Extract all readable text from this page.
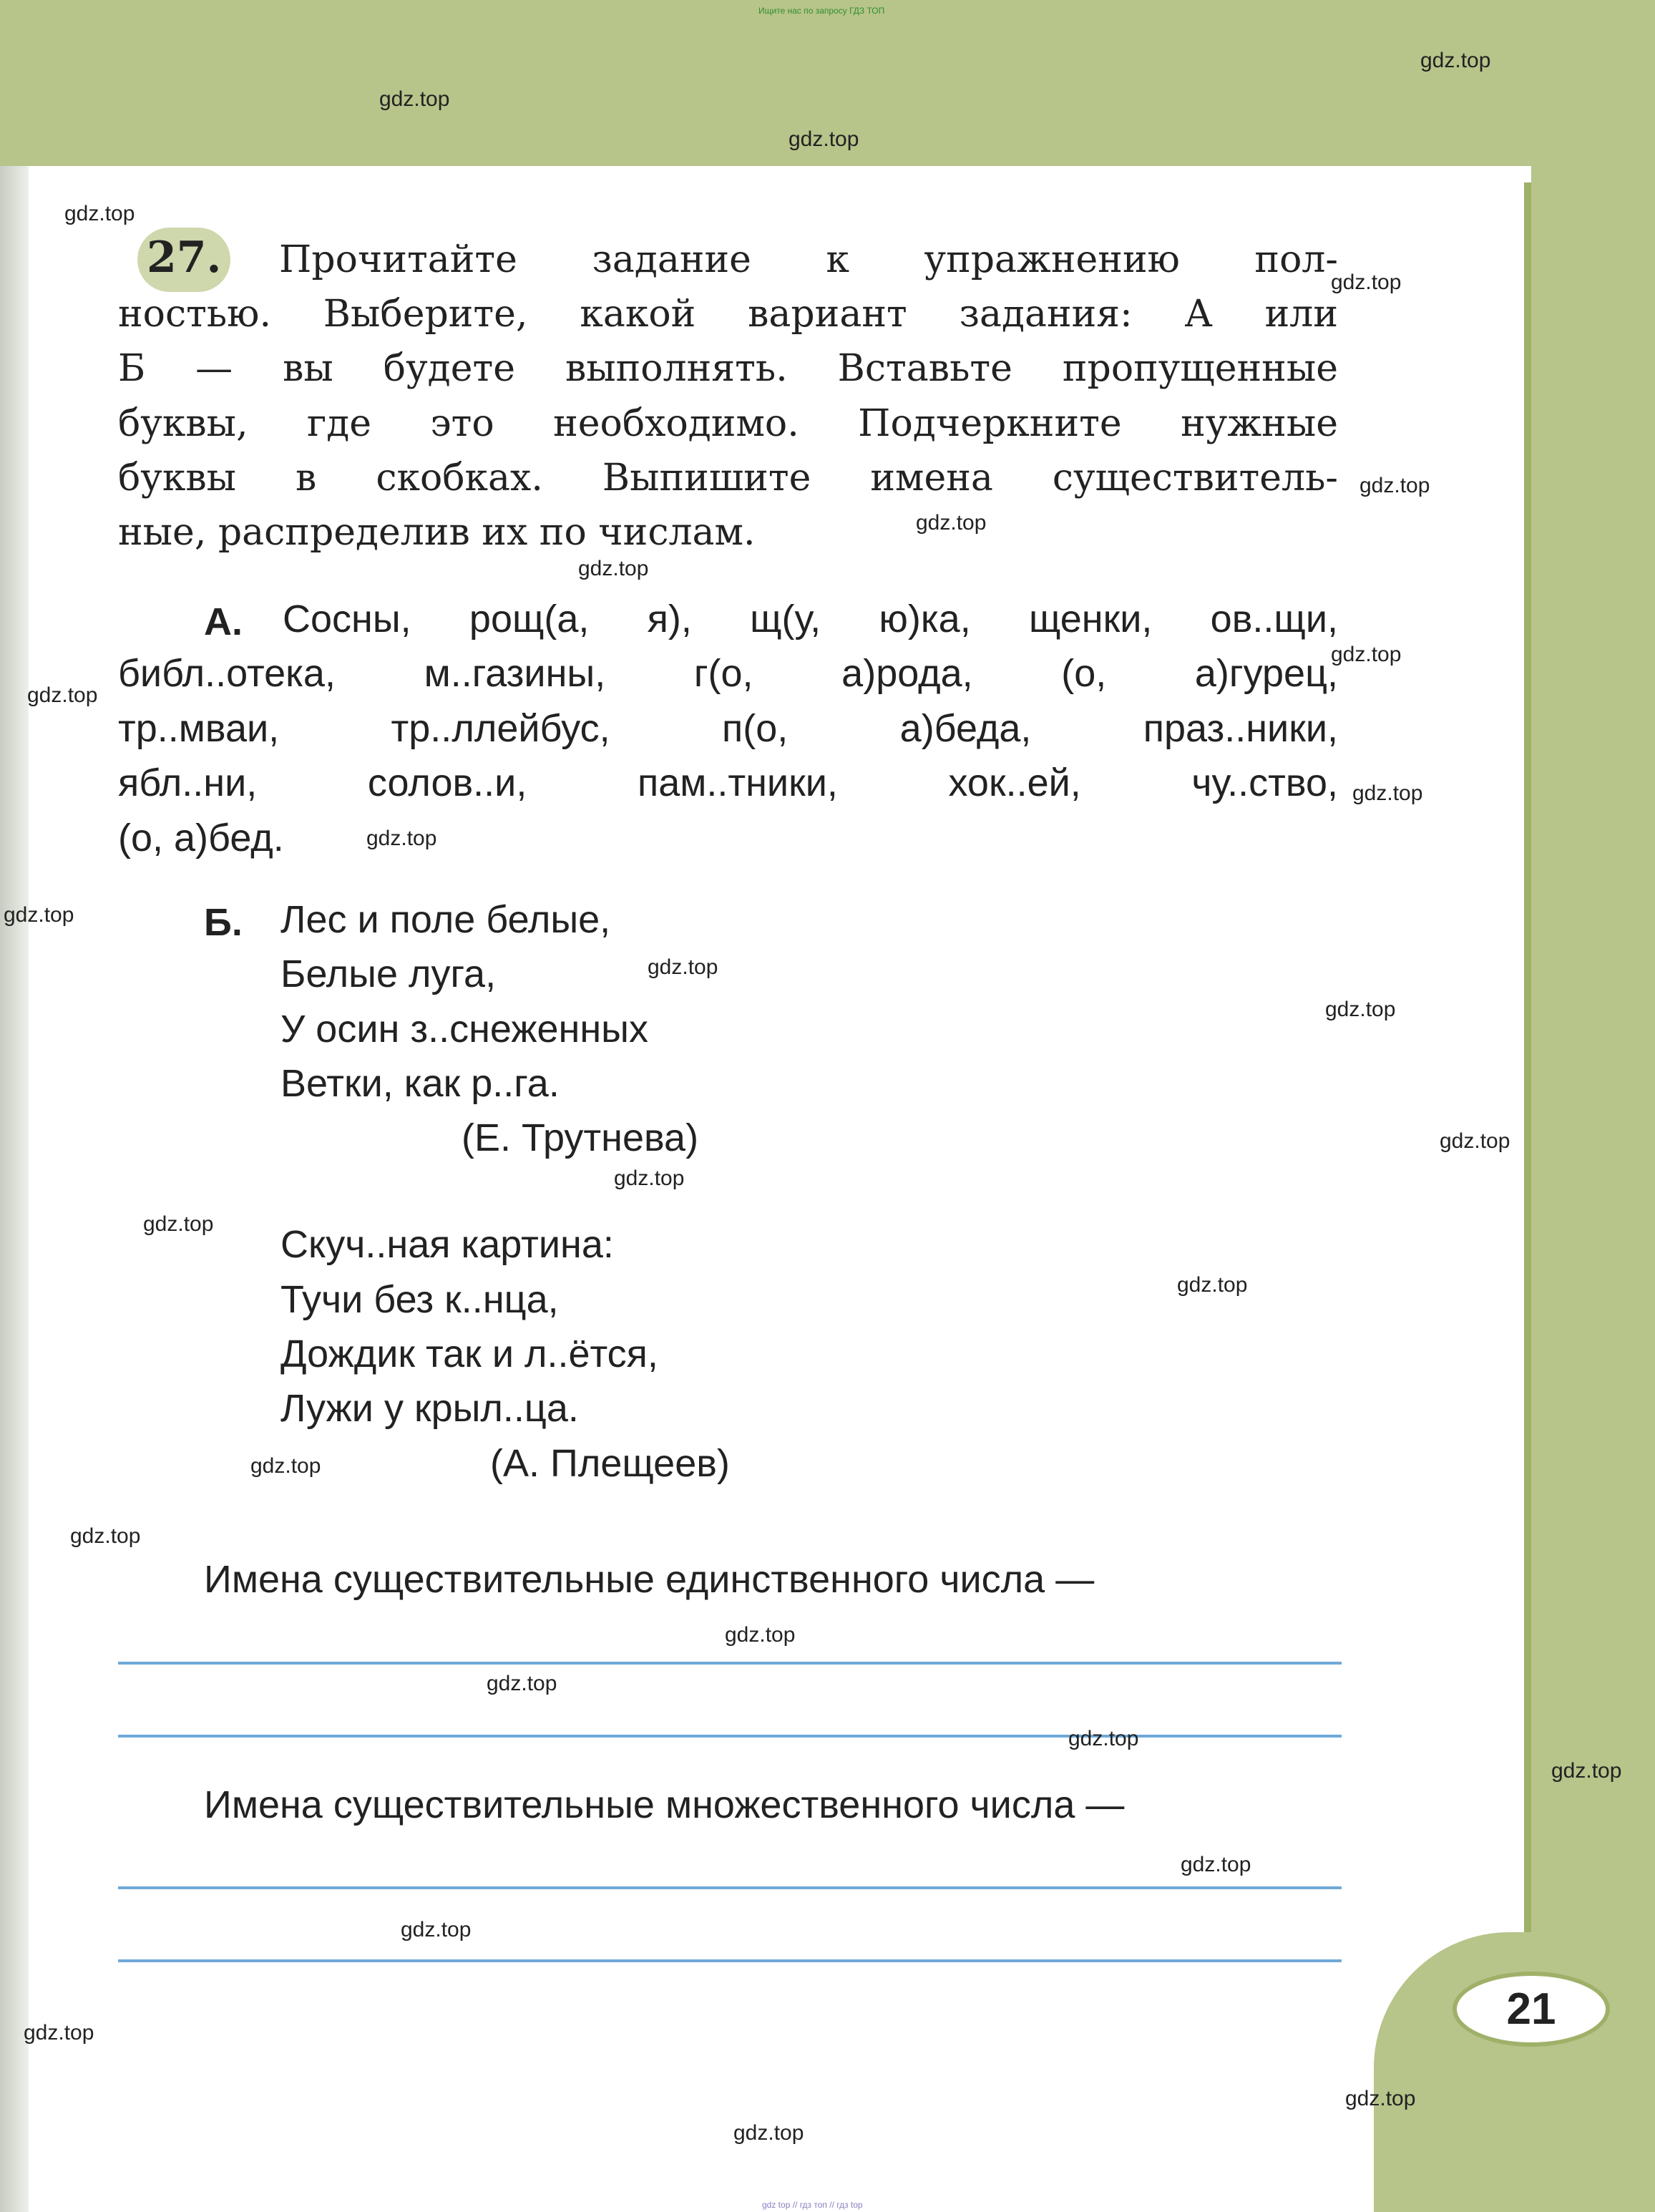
21
Ищите нас по запросу ГДЗ ТОП
gdz top // гдз топ // гдз top
27. Прочитайте задание к упражнению пол-
ностью. Выберите, какой вариант задания: А или
Б — вы будете выполнять. Вставьте пропущенные
буквы, где это необходимо. Подчеркните нужные
буквы в скобках. Выпишите имена существитель-
ные, распределив их по числам.
А. Сосны, рощ(а, я), щ(у, ю)ка, щенки, ов..щи,
библ..отека, м..газины, г(о, а)рода, (о, а)гурец,
тр..мваи, тр..ллейбус, п(о, а)беда, праз..ники,
ябл..ни, солов..и, пам..тники, хок..ей, чу..ство,
(о, а)бед.
Б. Лес и поле белые,
Белые луга,
У осин з..снеженных
Ветки, как р..га.
(Е. Трутнева)
Скуч..ная картина:
Тучи без к..нца,
Дождик так и л..ётся,
Лужи у крыл..ца.
(А. Плещеев)
Имена существительные единственного числа —
Имена существительные множественного числа —
gdz.top
gdz.top
gdz.top
gdz.top
gdz.top
gdz.top
gdz.top
gdz.top
gdz.top
gdz.top
gdz.top
gdz.top
gdz.top
gdz.top
gdz.top
gdz.top
gdz.top
gdz.top
gdz.top
gdz.top
gdz.top
gdz.top
gdz.top
gdz.top
gdz.top
gdz.top
gdz.top
gdz.top
gdz.top
gdz.top
